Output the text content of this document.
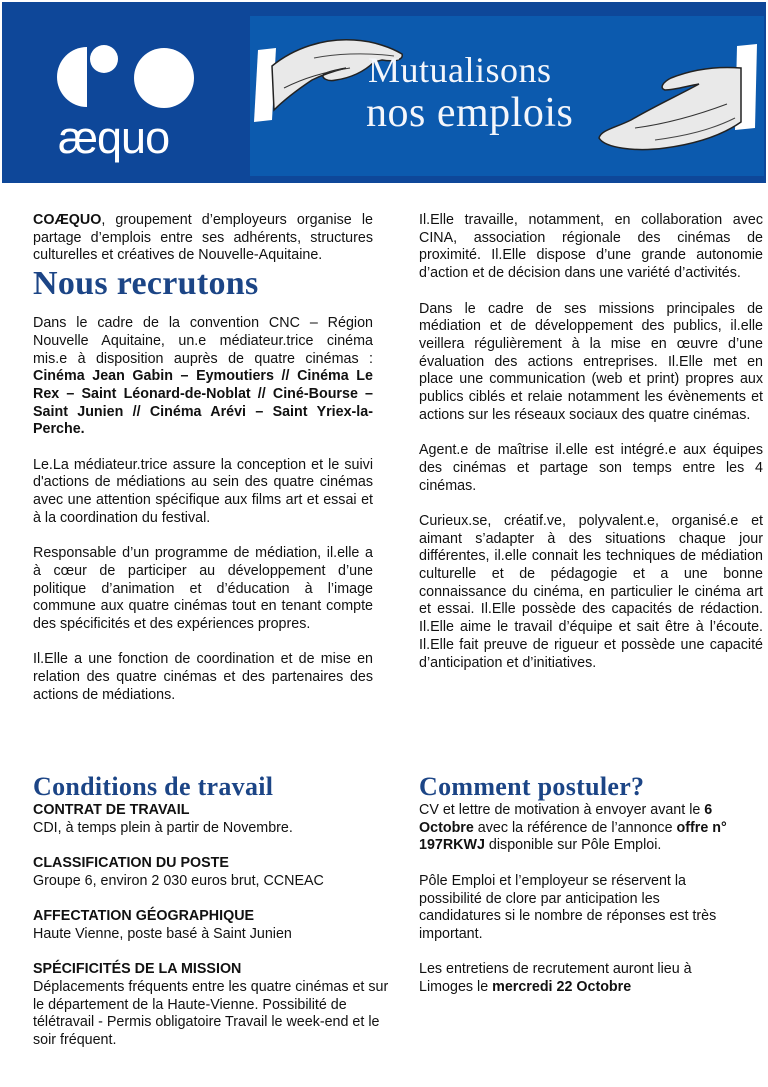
æquo
Mutualisons
nos emplois

COÆQUO, groupement d’employeurs organise le partage d’emplois entre ses adhérents, structures culturelles et créatives de Nouvelle-Aquitaine.

Nous recrutons

Dans le cadre de la convention CNC – Région Nouvelle Aquitaine, un.e médiateur.trice cinéma mis.e à disposition auprès de quatre cinémas : Cinéma Jean Gabin – Eymoutiers // Cinéma Le Rex – Saint Léonard-de-Noblat // Ciné-Bourse – Saint Junien // Cinéma Arévi – Saint Yriex-la-Perche.

Le.La médiateur.trice assure la conception et le suivi d'actions de médiations au sein des quatre cinémas avec une attention spécifique aux films art et essai et à la coordination du festival.

Responsable d’un programme de médiation, il.elle a à cœur de participer au développement d’une politique d’animation et d’éducation à l’image commune aux quatre cinémas tout en tenant compte des spécificités et des expériences propres.

Il.Elle a une fonction de coordination et de mise en relation des quatre cinémas et des partenaires des actions de médiations.

Il.Elle travaille, notamment, en collaboration avec CINA, association régionale des cinémas de proximité. Il.Elle dispose d’une grande autonomie d’action et de décision dans une variété d’activités.

Dans le cadre de ses missions principales de médiation et de développement des publics, il.elle veillera régulièrement à la mise en œuvre d’une évaluation des actions entreprises. Il.Elle met en place une communication (web et print) propres aux publics ciblés et relaie notamment les évènements et actions sur les réseaux sociaux des quatre cinémas.

Agent.e de maîtrise il.elle est intégré.e aux équipes des cinémas et partage son temps entre les 4 cinémas.

Curieux.se, créatif.ve, polyvalent.e, organisé.e et aimant s’adapter à des situations chaque jour différentes, il.elle connait les techniques de médiation culturelle et de pédagogie et a une bonne connaissance du cinéma, en particulier le cinéma art et essai. Il.Elle possède des capacités de rédaction. Il.Elle aime le travail d’équipe et sait être à l’écoute. Il.Elle fait preuve de rigueur et possède une capacité d’anticipation et d’initiatives.

Conditions de travail
CONTRAT DE TRAVAIL
CDI, à temps plein à partir de Novembre.
CLASSIFICATION DU POSTE
Groupe 6, environ 2 030 euros brut, CCNEAC
AFFECTATION GÉOGRAPHIQUE
Haute Vienne, poste basé à Saint Junien
SPÉCIFICITÉS DE LA MISSION
Déplacements fréquents entre les quatre cinémas et sur le département de la Haute-Vienne. Possibilité de télétravail - Permis obligatoire Travail le week-end et le soir fréquent.
Comment postuler?

CV et lettre de motivation à envoyer avant le 6 Octobre avec la référence de l’annonce offre n° 197RKWJ disponible sur Pôle Emploi.

Pôle Emploi et l’employeur se réservent la possibilité de clore par anticipation les candidatures si le nombre de réponses est très important.

Les entretiens de recrutement auront lieu à Limoges le mercredi 22 Octobre
